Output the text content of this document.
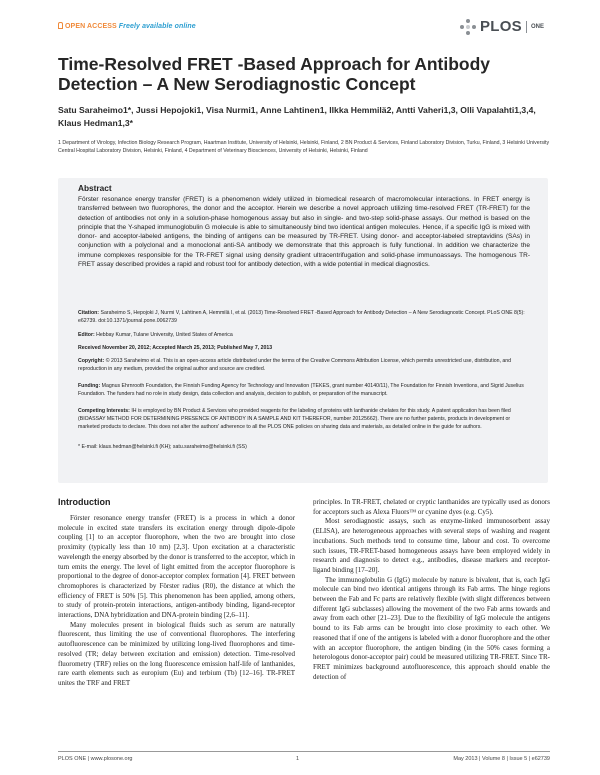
OPEN ACCESS Freely available online	PLOS ONE
Time-Resolved FRET -Based Approach for Antibody Detection – A New Serodiagnostic Concept
Satu Saraheimo1*, Jussi Hepojoki1, Visa Nurmi1, Anne Lahtinen1, Ilkka Hemmilä2, Antti Vaheri1,3, Olli Vapalahti1,3,4, Klaus Hedman1,3*
1 Department of Virology, Infection Biology Research Program, Haartman Institute, University of Helsinki, Helsinki, Finland, 2 BN Product & Services, Finland Laboratory Division, Turku, Finland, 3 Helsinki University Central Hospital Laboratory Division, Helsinki, Finland, 4 Department of Veterinary Biosciences, University of Helsinki, Helsinki, Finland
Abstract
Förster resonance energy transfer (FRET) is a phenomenon widely utilized in biomedical research of macromolecular interactions. In FRET energy is transferred between two fluorophores, the donor and the acceptor. Herein we describe a novel approach utilizing time-resolved FRET (TR-FRET) for the detection of antibodies not only in a solution-phase homogenous assay but also in single- and two-step solid-phase assays. Our method is based on the principle that the Y-shaped immunoglobulin G molecule is able to simultaneously bind two identical antigen molecules. Hence, if a specific IgG is mixed with donor- and acceptor-labeled antigens, the binding of antigens can be measured by TR-FRET. Using donor- and acceptor-labeled streptavidins (SAs) in conjunction with a polyclonal and a monoclonal anti-SA antibody we demonstrate that this approach is fully functional. In addition we characterize the immune complexes responsible for the TR-FRET signal using density gradient ultracentrifugation and solid-phase immunoassays. The homogenous TR-FRET assay described provides a rapid and robust tool for antibody detection, with a wide potential in medical diagnostics.
Citation: Saraheimo S, Hepojoki J, Nurmi V, Lahtinen A, Hemmilä I, et al. (2013) Time-Resolved FRET -Based Approach for Antibody Detection – A New Serodiagnostic Concept. PLoS ONE 8(5): e62739. doi:10.1371/journal.pone.0062739
Editor: Hebbay Kumar, Tulane University, United States of America
Received November 20, 2012; Accepted March 25, 2013; Published May 7, 2013
Copyright: © 2013 Saraheimo et al. This is an open-access article distributed under the terms of the Creative Commons Attribution License, which permits unrestricted use, distribution, and reproduction in any medium, provided the original author and source are credited.
Funding: Magnus Ehrnrooth Foundation, the Finnish Funding Agency for Technology and Innovation (TEKES, grant number 40140/11), The Foundation for Finnish Inventions, and Sigrid Juselius Foundation. The funders had no role in study design, data collection and analysis, decision to publish, or preparation of the manuscript.
Competing Interests: IH is employed by BN Product & Services who provided reagents for the labeling of proteins with lanthanide chelates for this study. A patent application has been filed (BIOASSAY METHOD FOR DETERMINING PRESENCE OF ANTIBODY IN A SAMPLE AND KIT THEREFOR, number 20125662). There are no further patents, products in development or marketed products to declare. This does not alter the authors' adherence to all the PLOS ONE policies on sharing data and materials, as detailed online in the guide for authors.
* E-mail: klaus.hedman@helsinki.fi (KH); satu.saraheimo@helsinki.fi (SS)
Introduction

Förster resonance energy transfer (FRET) is a process in which a donor molecule in excited state transfers its excitation energy through dipole-dipole coupling [1] to an acceptor fluorophore, when the two are brought into close proximity (typically less than 10 nm) [2,3]. Upon excitation at a characteristic wavelength the energy absorbed by the donor is transferred to the acceptor, which in turn emits the energy. The level of light emitted from the acceptor fluorophore is proportional to the degree of donor-acceptor complex formation [4]. FRET between chromophores is characterized by Förster radius (R0), the distance at which the efficiency of FRET is 50% [5]. This phenomenon has been applied, among others, to study of protein-protein interactions, antigen-antibody binding, ligand-receptor interactions, DNA hybridization and DNA-protein binding [2,6–11].

Many molecules present in biological fluids such as serum are naturally fluorescent, thus limiting the use of conventional fluorophores. The interfering autofluorescence can be minimized by utilizing long-lived fluorophores and time-resolved (TR; delay between excitation and emission) detection. Time-resolved fluorometry (TRF) relies on the long fluorescence emission half-life of lanthanides, rare earth elements such as europium (Eu) and terbium (Tb) [12–16]. TR-FRET unites the TRF and FRET

principles. In TR-FRET, chelated or cryptic lanthanides are typically used as donors for acceptors such as Alexa Fluors™ or cyanine dyes (e.g. Cy5).

Most serodiagnostic assays, such as enzyme-linked immunosorbent assay (ELISA), are heterogeneous approaches with several steps of washing and reagent incubations. Such methods tend to consume time, labour and cost. To overcome such issues, TR-FRET-based homogeneous assays have been employed widely in research and diagnosis to detect e.g., antibodies, disease markers and receptor-ligand binding [17–20].

The immunoglobulin G (IgG) molecule by nature is bivalent, that is, each IgG molecule can bind two identical antigens through its Fab arms. The hinge regions between the Fab and Fc parts are relatively flexible (with slight differences between different IgG subclasses) allowing the movement of the two Fab arms towards and away from each other [21–23]. Due to the flexibility of IgG molecule the antigens bound to its Fab arms can be brought into close proximity to each other. We reasoned that if one of the antigens is labeled with a donor fluorophore and the other with an acceptor fluorophore, the antigen binding (in the 50% cases forming a heterologous donor-acceptor pair) could be measured utilizing TR-FRET. Since TR-FRET minimizes background autofluorescence, this approach should enable the detection of

PLOS ONE | www.plosone.org	1	May 2013 | Volume 8 | Issue 5 | e62739
